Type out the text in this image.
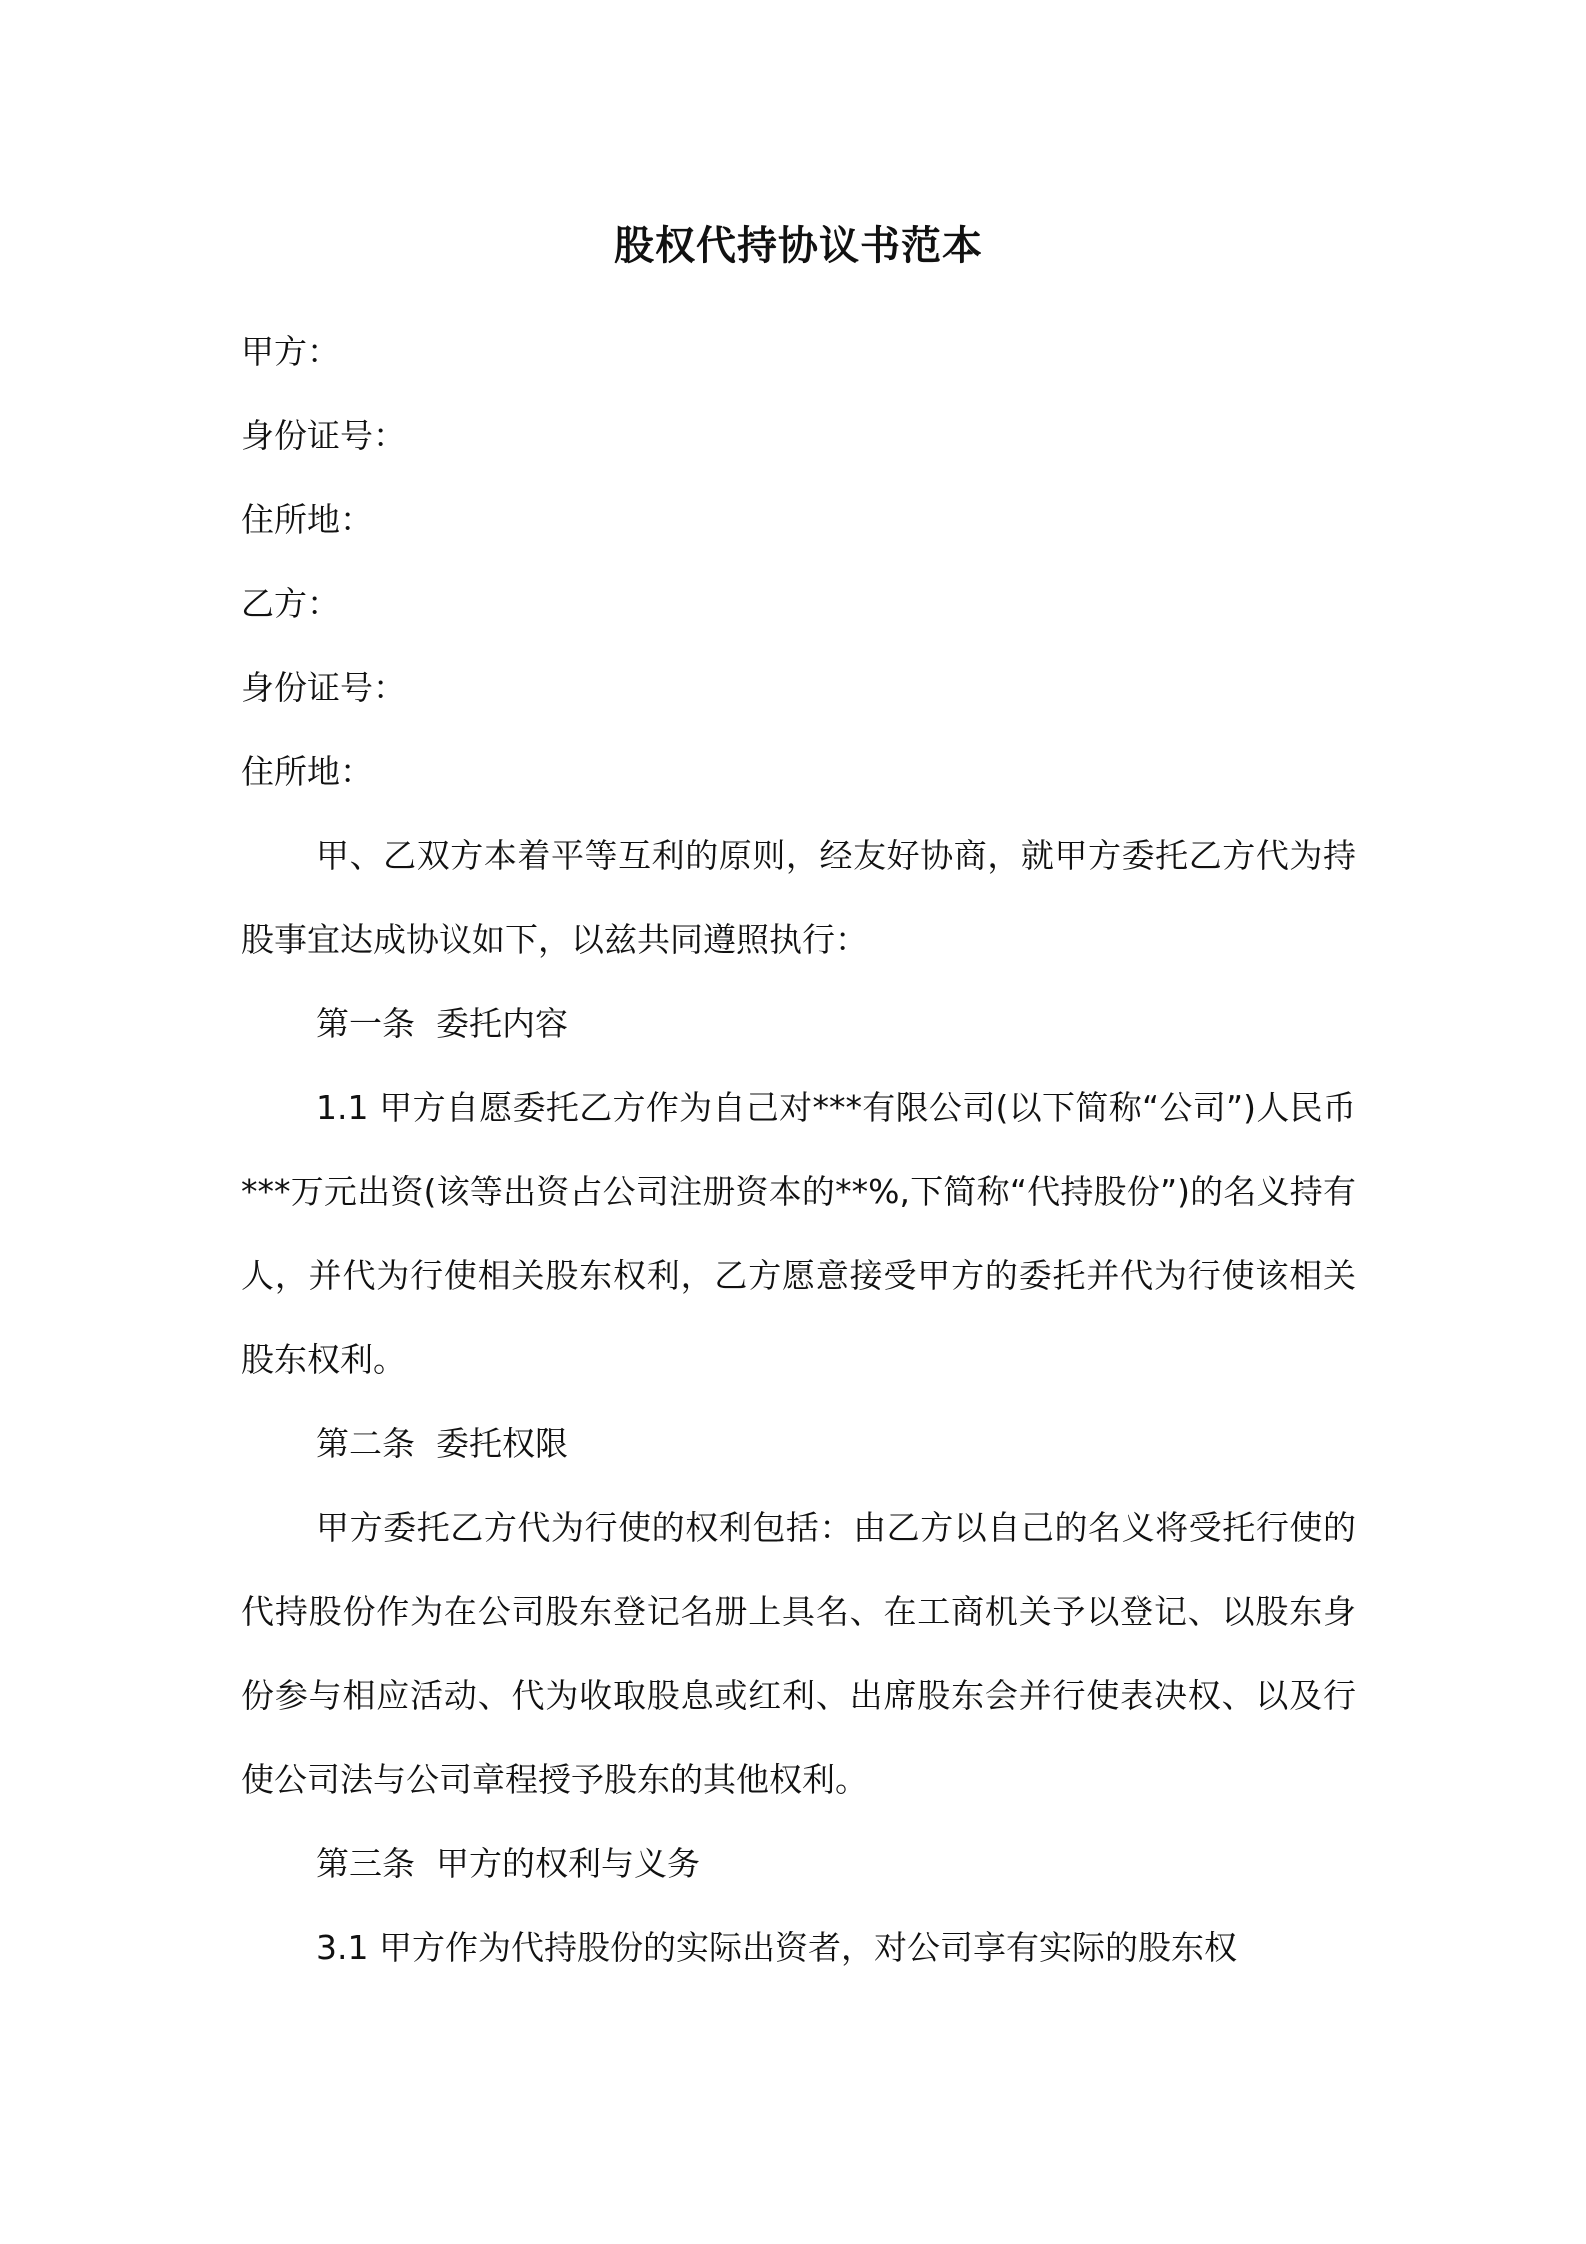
股权代持协议书范本
甲方：
身份证号：
住所地：
乙方：
身份证号：
住所地：

甲、乙双方本着平等互利的原则，经友好协商，就甲方委托乙方代为持股事宜达成协议如下，以兹共同遵照执行：

第一条  委托内容

1.1 甲方自愿委托乙方作为自己对***有限公司(以下简称“公司”)人民币***万元出资(该等出资占公司注册资本的**%,下简称“代持股份”)的名义持有人，并代为行使相关股东权利，乙方愿意接受甲方的委托并代为行使该相关股东权利。

第二条  委托权限

甲方委托乙方代为行使的权利包括：由乙方以自己的名义将受托行使的代持股份作为在公司股东登记名册上具名、在工商机关予以登记、以股东身份参与相应活动、代为收取股息或红利、出席股东会并行使表决权、以及行使公司法与公司章程授予股东的其他权利。

第三条  甲方的权利与义务

3.1 甲方作为代持股份的实际出资者，对公司享有实际的股东权
